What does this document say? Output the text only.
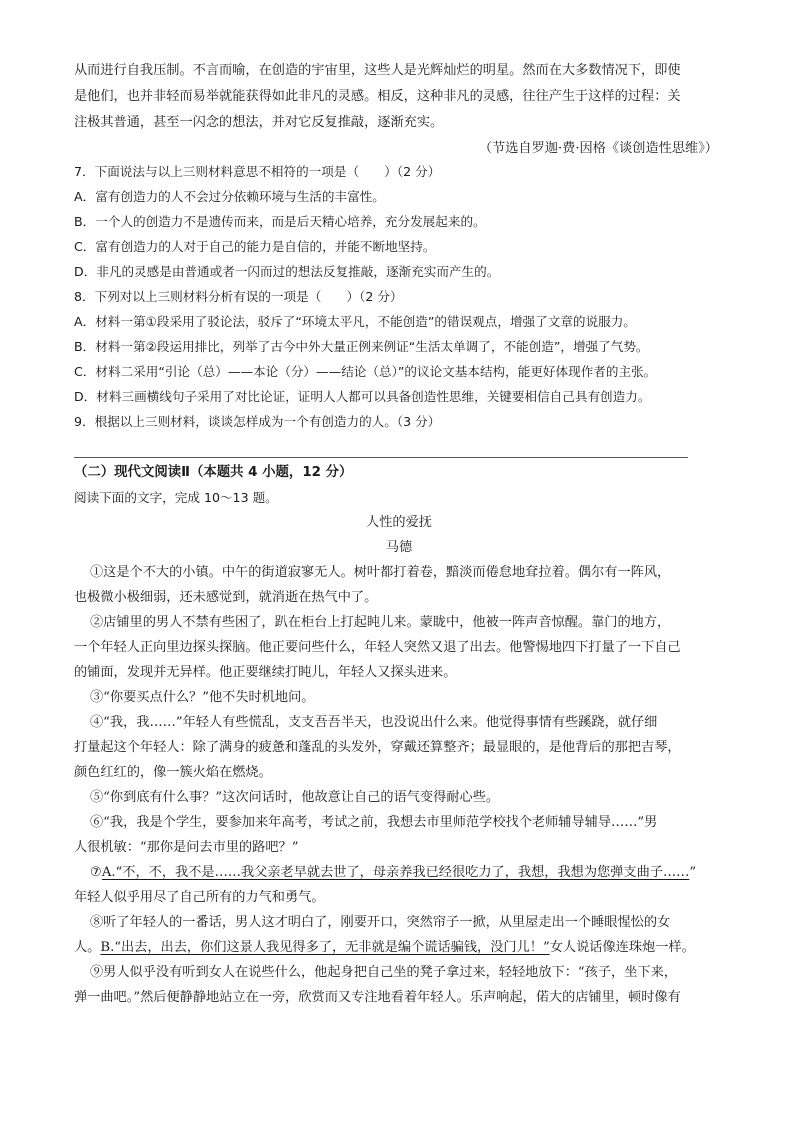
从而进行自我压制。不言而喻，在创造的宇宙里，这些人是光辉灿烂的明星。然而在大多数情况下，即使
是他们，也并非轻而易举就能获得如此非凡的灵感。相反，这种非凡的灵感，往往产生于这样的过程：关
注极其普通，甚至一闪念的想法，并对它反复推敲，逐渐充实。
（节选自罗迦·费·因格《谈创造性思维》）
7．下面说法与以上三则材料意思不相符的一项是（　　）（2 分）
A．富有创造力的人不会过分依赖环境与生活的丰富性。
B．一个人的创造力不是遗传而来，而是后天精心培养，充分发展起来的。
C．富有创造力的人对于自己的能力是自信的，并能不断地坚持。
D．非凡的灵感是由普通或者一闪而过的想法反复推敲，逐渐充实而产生的。
8．下列对以上三则材料分析有误的一项是（　　）（2 分）
A．材料一第①段采用了驳论法，驳斥了“环境太平凡，不能创造”的错误观点，增强了文章的说服力。
B．材料一第②段运用排比，列举了古今中外大量正例来例证“生活太单调了，不能创造”，增强了气势。
C．材料二采用“引论（总）——本论（分）——结论（总）”的议论文基本结构，能更好体现作者的主张。
D．材料三画横线句子采用了对比论证，证明人人都可以具备创造性思维，关键要相信自己具有创造力。
9．根据以上三则材料，谈谈怎样成为一个有创造力的人。（3 分）
（二）现代文阅读Ⅱ（本题共 4 小题，12 分）
阅读下面的文字，完成 10～13 题。
人性的爱抚
马德
①这是个不大的小镇。中午的街道寂寥无人。树叶都打着卷，黯淡而倦怠地耷拉着。偶尔有一阵风，
也极微小极细弱，还未感觉到，就消逝在热气中了。
②店铺里的男人不禁有些困了，趴在柜台上打起盹儿来。蒙眬中，他被一阵声音惊醒。靠门的地方，
一个年轻人正向里边探头探脑。他正要问些什么，年轻人突然又退了出去。他警惕地四下打量了一下自己
的铺面，发现并无异样。他正要继续打盹儿，年轻人又探头进来。
③“你要买点什么？”他不失时机地问。
④“我，我……”年轻人有些慌乱，支支吾吾半天，也没说出什么来。他觉得事情有些蹊跷，就仔细
打量起这个年轻人：除了满身的疲惫和蓬乱的头发外，穿戴还算整齐；最显眼的，是他背后的那把吉琴，
颜色红红的，像一簇火焰在燃烧。
⑤“你到底有什么事？”这次问话时，他故意让自己的语气变得耐心些。
⑥“我，我是个学生，要参加来年高考，考试之前，我想去市里师范学校找个老师辅导辅导……”男
人很机敏：“那你是问去市里的路吧？”
⑦A.“不，不，我不是……我父亲老早就去世了，母亲养我已经很吃力了，我想，我想为您弹支曲子……”
年轻人似乎用尽了自己所有的力气和勇气。
⑧听了年轻人的一番话，男人这才明白了，刚要开口，突然帘子一掀，从里屋走出一个睡眼惺忪的女
人。B.“出去，出去，你们这景人我见得多了，无非就是编个谎话骗钱，没门儿！”女人说话像连珠炮一样。
⑨男人似乎没有听到女人在说些什么，他起身把自己坐的凳子拿过来，轻轻地放下：“孩子，坐下来，
弹一曲吧。”然后便静静地站立在一旁，欣赏而又专注地看着年轻人。乐声响起，偌大的店铺里，顿时像有
